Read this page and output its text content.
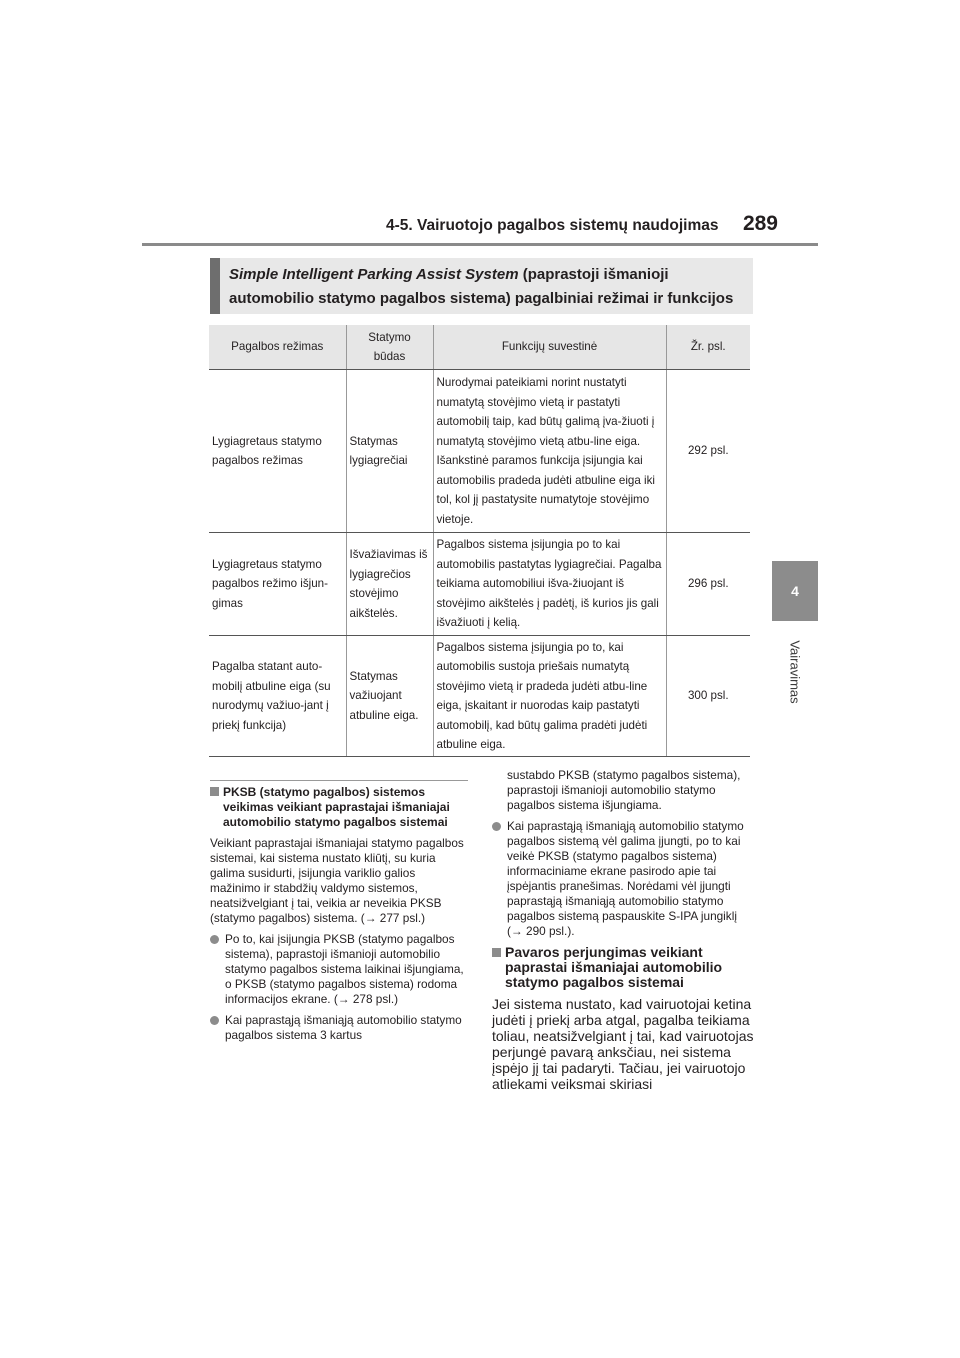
4-5. Vairuotojo pagalbos sistemų naudojimas	289
4
Vairavimas
Simple Intelligent Parking Assist System (paprastoji išmanioji
automobilio statymo pagalbos sistema) pagalbiniai režimai ir funkcijos
Pagalbos režimas	Statymo būdas	Funkcijų suvestinė	Žr. psl.
Lygiagretaus statymo pagalbos režimas	Statymas lygiagrečiai	Nurodymai pateikiami norint nustatyti numatytą stovėjimo vietą ir pastatyti automobilį taip, kad būtų galimą įva-žiuoti į numatytą stovėjimo vietą atbu-line eiga. Išankstinė paramos funkcija įsijungia kai automobilis pradeda judėti atbuline eiga iki tol, kol jį pastatysite numatytoje stovėjimo vietoje.	292 psl.
Lygiagretaus statymo pagalbos režimo išjun-gimas	Išvažiavimas iš lygiagrečios stovėjimo aikštelės.	Pagalbos sistema įsijungia po to kai automobilis pastatytas lygiagrečiai. Pagalba teikiama automobiliui išva-žiuojant iš stovėjimo aikštelės į padėtį, iš kurios jis gali išvažiuoti į kelią.	296 psl.
Pagalba statant auto-mobilį atbuline eiga (su nurodymų važiuo-jant į priekį funkcija)	Statymas važiuojant atbuline eiga.	Pagalbos sistema įsijungia po to, kai automobilis sustoja priešais numatytą stovėjimo vietą ir pradeda judėti atbu-line eiga, įskaitant ir nuorodas kaip pastatyti automobilį, kad būtų galima pradėti judėti atbuline eiga.	300 psl.

PKSB (statymo pagalbos) sistemos veikimas veikiant paprastajai išmaniajai automobilio statymo pagalbos sistemai

Veikiant paprastajai išmaniajai statymo pagalbos sistemai, kai sistema nustato kliūtį, su kuria galima susidurti, įsijungia variklio galios mažinimo ir stabdžių valdymo sistemos, neatsižvelgiant į tai, veikia ar neveikia PKSB (statymo pagalbos) sistema. (→ 277 psl.)

Po to, kai įsijungia PKSB (statymo pagalbos sistema), paprastoji išmanioji automobilio statymo pagalbos sistema laikinai išjungiama, o PKSB (statymo pagalbos sistema) rodoma informacijos ekrane. (→ 278 psl.)
Kai paprastąją išmaniąją automobilio statymo pagalbos sistema 3 kartus

sustabdo PKSB (statymo pagalbos sistema), paprastoji išmanioji automobilio statymo pagalbos sistema išjungiama.

Kai paprastąją išmaniąją automobilio statymo pagalbos sistemą vėl galima įjungti, po to kai veikė PKSB (statymo pagalbos sistema) informaciniame ekrane pasirodo apie tai įspėjantis pranešimas. Norėdami vėl įjungti paprastąją išmaniąją automobilio statymo pagalbos sistemą paspauskite S-IPA jungiklį (→ 290 psl.).

Pavaros perjungimas veikiant paprastai išmaniajai automobilio statymo pagalbos sistemai

Jei sistema nustato, kad vairuotojai ketina judėti į priekį arba atgal, pagalba teikiama toliau, neatsižvelgiant į tai, kad vairuotojas perjungė pavarą anksčiau, nei sistema įspėjo jį tai padaryti. Tačiau, jei vairuotojo atliekami veiksmai skiriasi
